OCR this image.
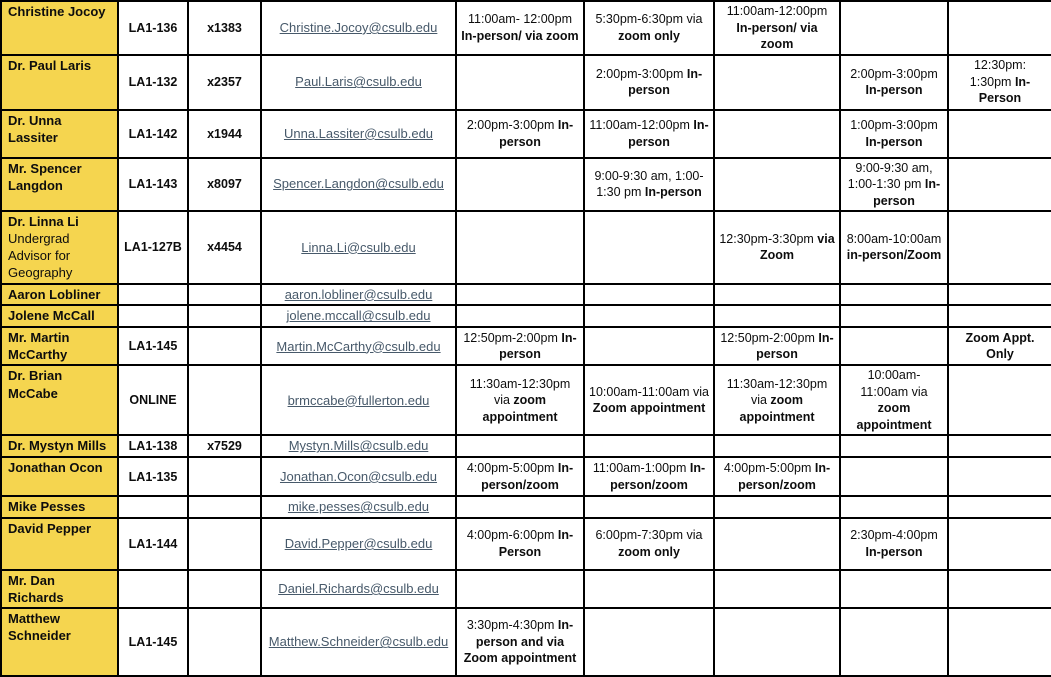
Christine Jocoy	LA1-136	x1383	Christine.Jocoy@csulb.edu	11:00am- 12:00pm In-person/ via zoom	5:30pm-6:30pm via zoom only	11:00am-12:00pm In-person/ via zoom		
Dr. Paul Laris	LA1-132	x2357	Paul.Laris@csulb.edu		2:00pm-3:00pm In-person		2:00pm-3:00pm In-person	12:30pm: 1:30pm In-Person
Dr. Unna Lassiter	LA1-142	x1944	Unna.Lassiter@csulb.edu	2:00pm-3:00pm In-person	11:00am-12:00pm In-person		1:00pm-3:00pm In-person	
Mr. Spencer Langdon	LA1-143	x8097	Spencer.Langdon@csulb.edu		9:00-9:30 am, 1:00-1:30 pm In-person		9:00-9:30 am, 1:00-1:30 pm In-person	
Dr. Linna Li Undergrad Advisor for Geography	LA1-127B	x4454	Linna.Li@csulb.edu			12:30pm-3:30pm via Zoom	8:00am-10:00am in-person/Zoom	
Aaron Lobliner			aaron.lobliner@csulb.edu					
Jolene McCall			jolene.mccall@csulb.edu					
Mr. Martin McCarthy	LA1-145		Martin.McCarthy@csulb.edu	12:50pm-2:00pm In-person		12:50pm-2:00pm In-person		Zoom Appt. Only
Dr. Brian McCabe	ONLINE		brmccabe@fullerton.edu	11:30am-12:30pm via zoom appointment	10:00am-11:00am via Zoom appointment	11:30am-12:30pm via zoom appointment	10:00am-11:00am via zoom appointment	
Dr. Mystyn Mills	LA1-138	x7529	Mystyn.Mills@csulb.edu					
Jonathan Ocon	LA1-135		Jonathan.Ocon@csulb.edu	4:00pm-5:00pm In-person/zoom	11:00am-1:00pm In-person/zoom	4:00pm-5:00pm In-person/zoom		
Mike Pesses			mike.pesses@csulb.edu					
David Pepper	LA1-144		David.Pepper@csulb.edu	4:00pm-6:00pm In-Person	6:00pm-7:30pm via zoom only		2:30pm-4:00pm In-person	
Mr. Dan Richards			Daniel.Richards@csulb.edu					
Matthew Schneider	LA1-145		Matthew.Schneider@csulb.edu	3:30pm-4:30pm In-person and via Zoom appointment				
